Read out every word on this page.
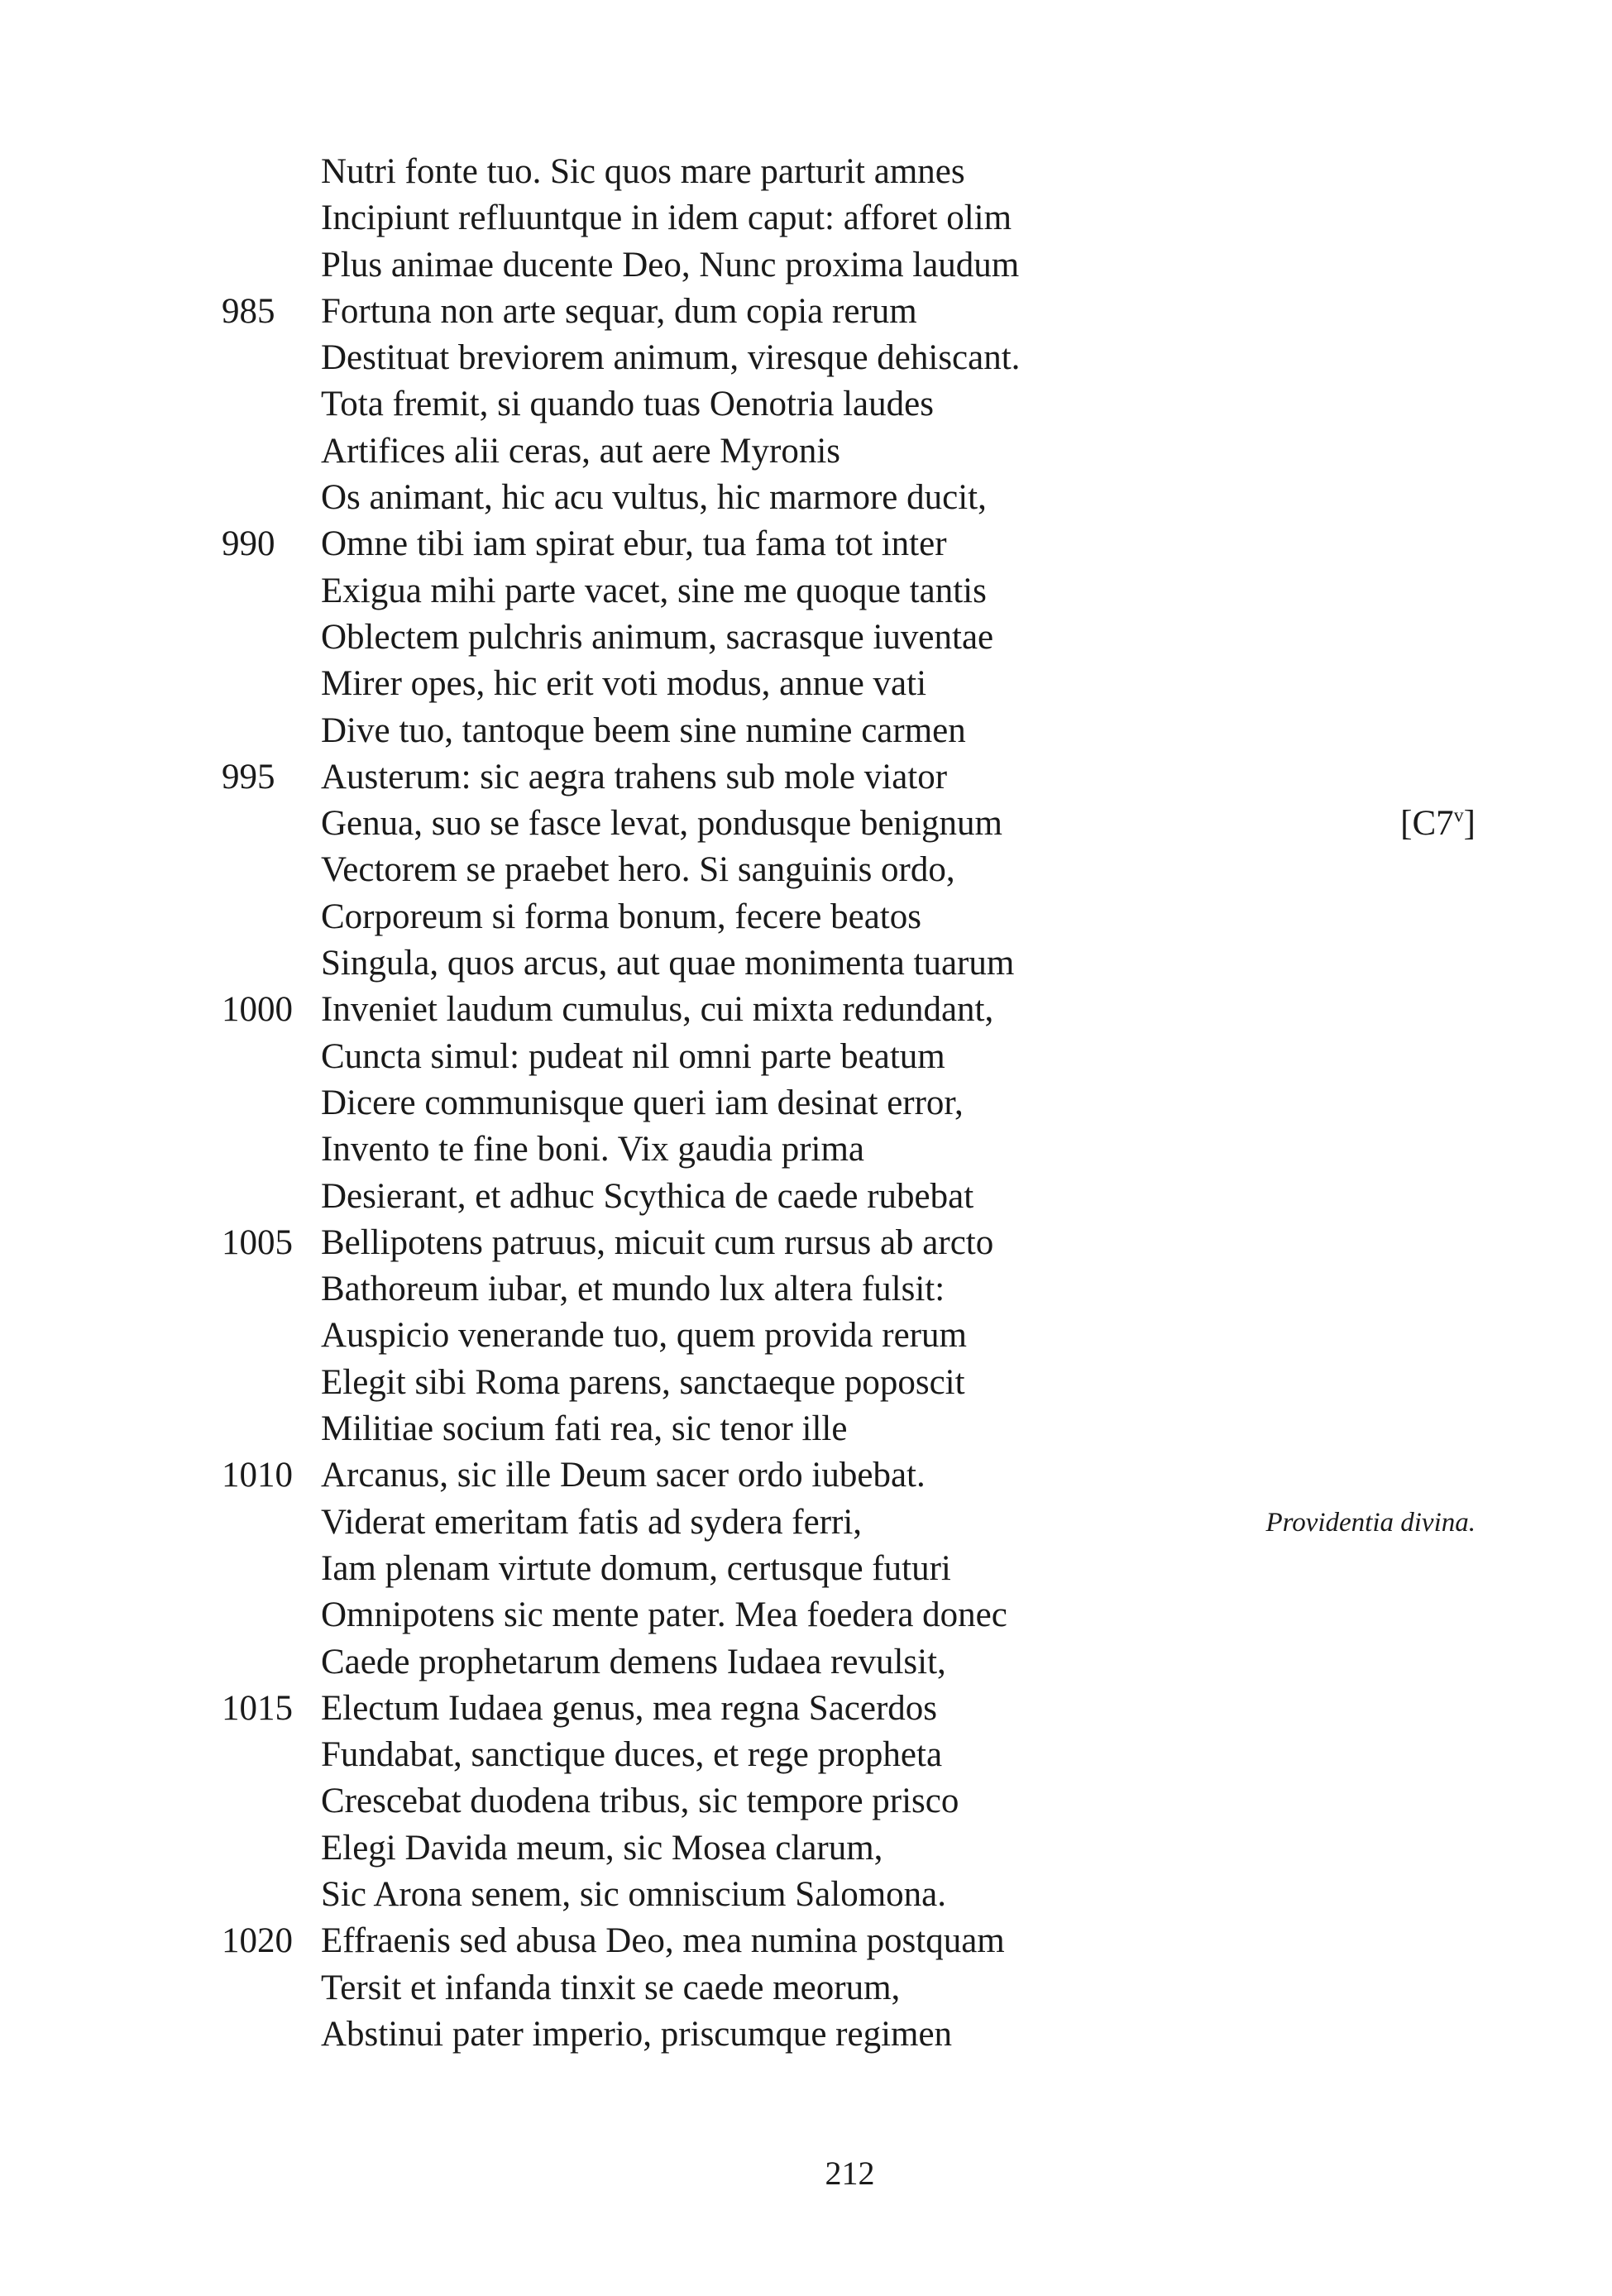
Nutri fonte tuo. Sic quos mare parturit amnes
Incipiunt refluuntque in idem caput: afforet olim
Plus animae ducente Deo, Nunc proxima laudum
985 Fortuna non arte sequar, dum copia rerum
Destituat breviorem animum, viresque dehiscant.
Tota fremit, si quando tuas Oenotria laudes
Artifices alii ceras, aut aere Myronis
Os animant, hic acu vultus, hic marmore ducit,
990 Omne tibi iam spirat ebur, tua fama tot inter
Exigua mihi parte vacet, sine me quoque tantis
Oblectem pulchris animum, sacrasque iuventae
Mirer opes, hic erit voti modus, annue vati
Dive tuo, tantoque beem sine numine carmen
995 Austerum: sic aegra trahens sub mole viator
Genua, suo se fasce levat, pondusque benignum	[C7$^v$]
Vectorem se praebet hero. Si sanguinis ordo,
Corporeum si forma bonum, fecere beatos
Singula, quos arcus, aut quae monimenta tuarum
1000 Inveniet laudum cumulus, cui mixta redundant,
Cuncta simul: pudeat nil omni parte beatum
Dicere communisque queri iam desinat error,
Invento te fine boni. Vix gaudia prima
Desierant, et adhuc Scythica de caede rubebat
1005 Bellipotens patruus, micuit cum rursus ab arcto
Bathoreum iubar, et mundo lux altera fulsit:
Auspicio venerande tuo, quem provida rerum
Elegit sibi Roma parens, sanctaeque poposcit
Militiae socium fati rea, sic tenor ille
1010 Arcanus, sic ille Deum sacer ordo iubebat.
Viderat emeritam fatis ad sydera ferri,	Providentia divina.
Iam plenam virtute domum, certusque futuri
Omnipotens sic mente pater. Mea foedera donec
Caede prophetarum demens Iudaea revulsit,
1015 Electum Iudaea genus, mea regna Sacerdos
Fundabat, sanctique duces, et rege propheta
Crescebat duodena tribus, sic tempore prisco
Elegi Davida meum, sic Mosea clarum,
Sic Arona senem, sic omniscium Salomona.
1020 Effraenis sed abusa Deo, mea numina postquam
Tersit et infanda tinxit se caede meorum,
Abstinui pater imperio, priscumque regimen
212
